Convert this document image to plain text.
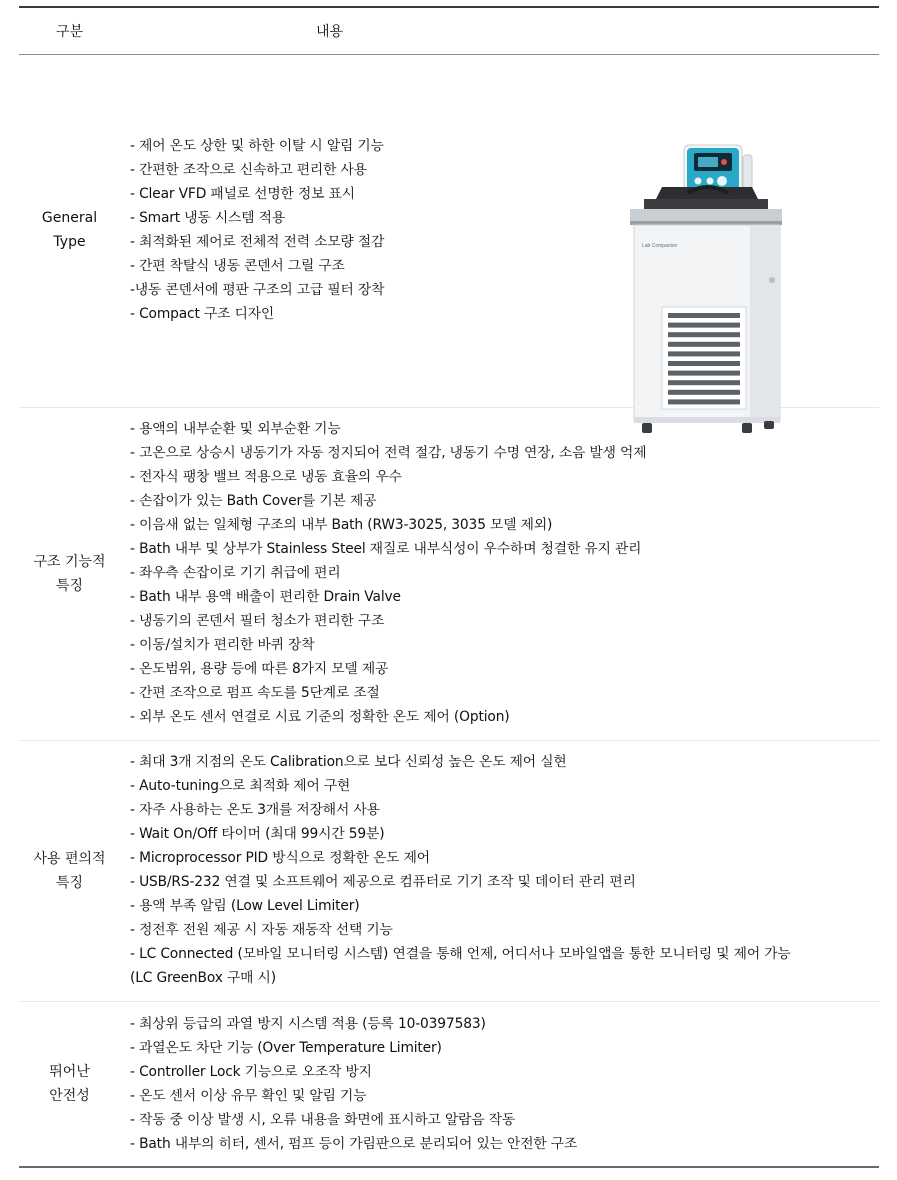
구분	내용
General
Type
- 제어 온도 상한 및 하한 이탈 시 알림 기능
- 간편한 조작으로 신속하고 편리한 사용
- Clear VFD 패널로 선명한 정보 표시
- Smart 냉동 시스템 적용
- 최적화된 제어로 전체적 전력 소모량 절감
- 간편 착탈식 냉동 콘덴서 그릴 구조
-냉동 콘덴서에 평판 구조의 고급 필터 장착
- Compact 구조 디자인
Lab Companion
구조 기능적
특징
- 용액의 내부순환 및 외부순환 기능
- 고온으로 상승시 냉동기가 자동 정지되어 전력 절감, 냉동기 수명 연장, 소음 발생 억제
- 전자식 팽창 밸브 적용으로 냉동 효율의 우수
- 손잡이가 있는 Bath Cover를 기본 제공
- 이음새 없는 일체형 구조의 내부 Bath (RW3-3025, 3035 모델 제외)
- Bath 내부 및 상부가 Stainless Steel 재질로 내부식성이 우수하며 청결한 유지 관리
- 좌우측 손잡이로 기기 취급에 편리
- Bath 내부 용액 배출이 편리한 Drain Valve
- 냉동기의 콘덴서 필터 청소가 편리한 구조
- 이동/설치가 편리한 바퀴 장착
- 온도범위, 용량 등에 따른 8가지 모델 제공
- 간편 조작으로 펌프 속도를 5단계로 조절
- 외부 온도 센서 연결로 시료 기준의 정확한 온도 제어 (Option)
사용 편의적
특징
- 최대 3개 지점의 온도 Calibration으로 보다 신뢰성 높은 온도 제어 실현
- Auto-tuning으로 최적화 제어 구현
- 자주 사용하는 온도 3개를 저장해서 사용
- Wait On/Off 타이머 (최대 99시간 59분)
- Microprocessor PID 방식으로 정확한 온도 제어
- USB/RS-232 연결 및 소프트웨어 제공으로 컴퓨터로 기기 조작 및 데이터 관리 편리
- 용액 부족 알림 (Low Level Limiter)
- 정전후 전원 제공 시 자동 재동작 선택 기능
- LC Connected (모바일 모니터링 시스템) 연결을 통해 언제, 어디서나 모바일앱을 통한 모니터링 및 제어 가능
(LC GreenBox 구매 시)
뛰어난
안전성
- 최상위 등급의 과열 방지 시스템 적용 (등록 10-0397583)
- 과열온도 차단 기능 (Over Temperature Limiter)
- Controller Lock 기능으로 오조작 방지
- 온도 센서 이상 유무 확인 및 알림 기능
- 작동 중 이상 발생 시, 오류 내용을 화면에 표시하고 알람음 작동
- Bath 내부의 히터, 센서, 펌프 등이 가림판으로 분리되어 있는 안전한 구조
